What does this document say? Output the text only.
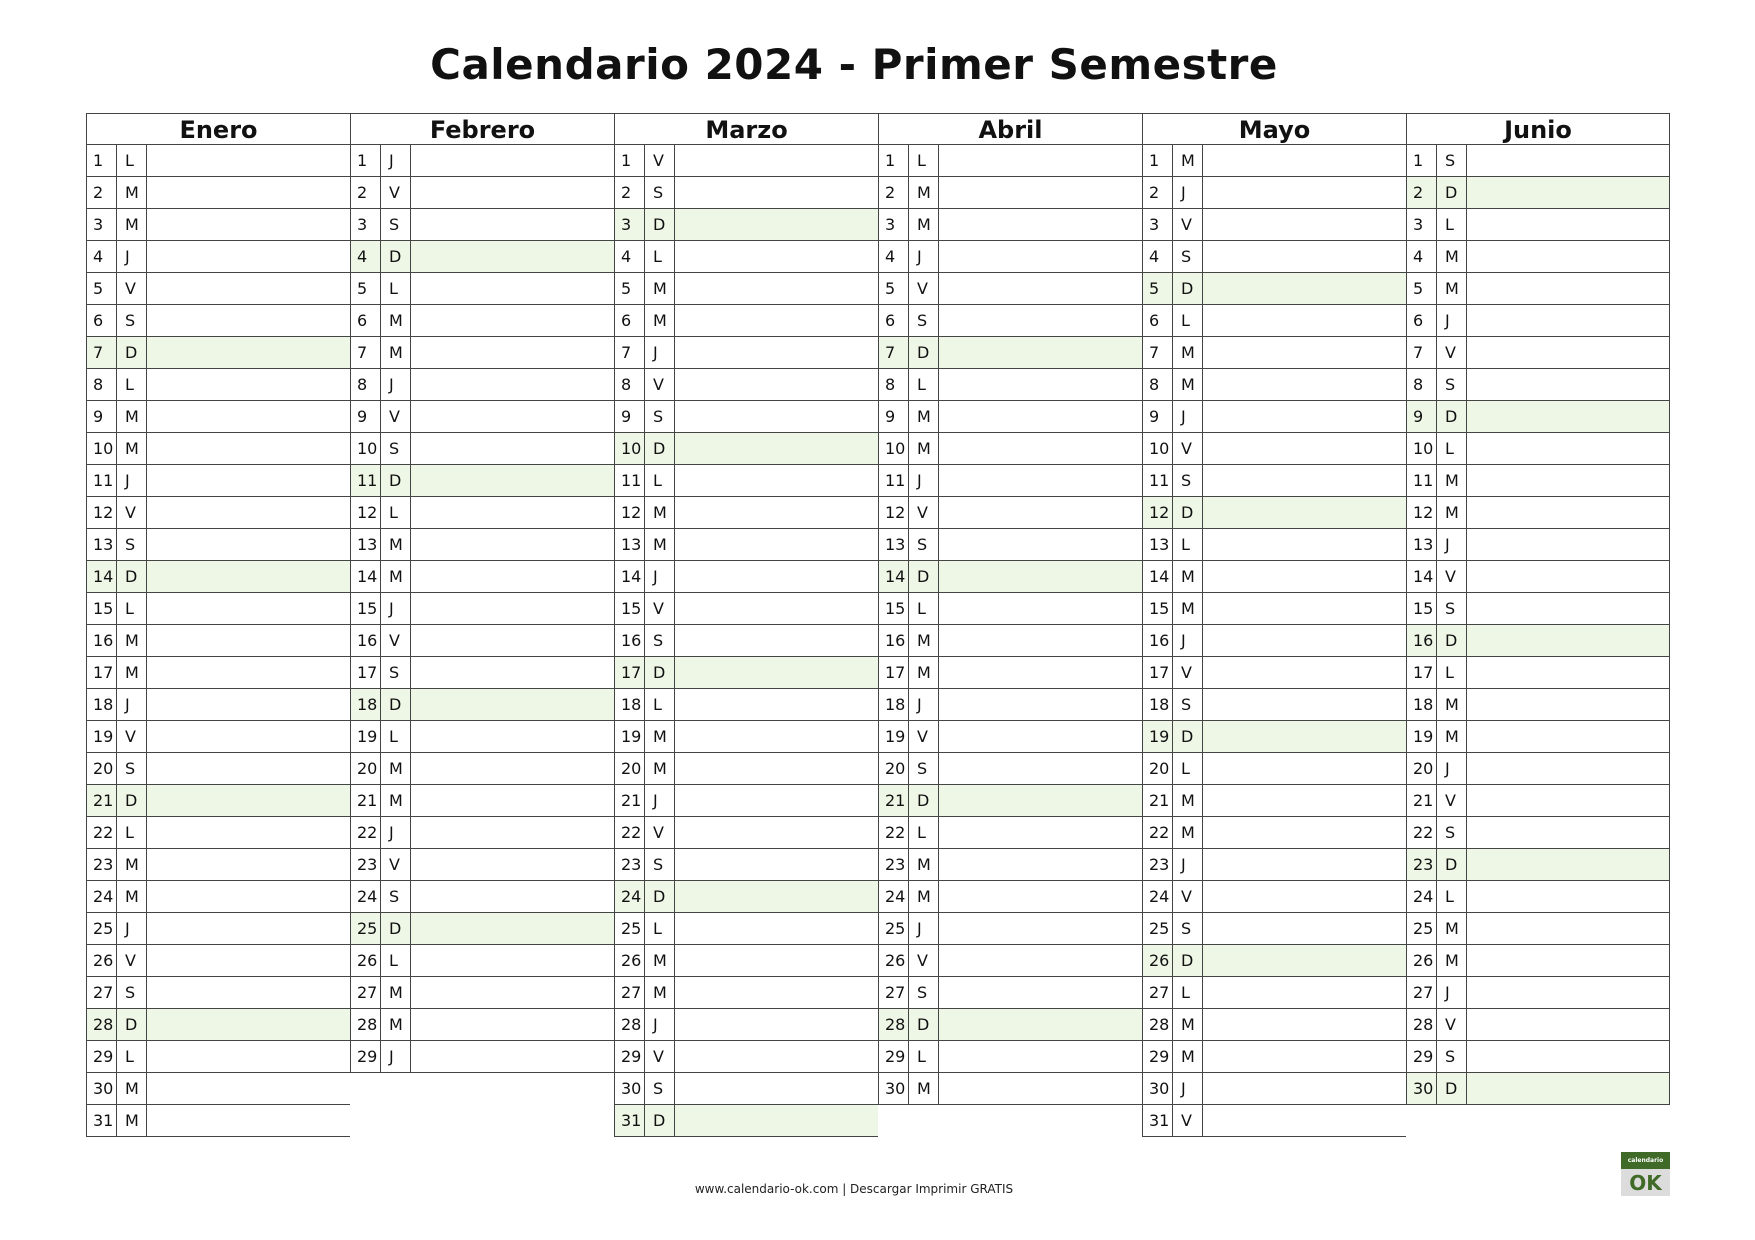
Calendario 2024 - Primer Semestre
Enero
1	L
2	M
3	M
4	J
5	V
6	S
7	D
8	L
9	M
10 M
11 J
12 V
13 S
14 D
15 L
16 M
17 M
18 J
19 V
20 S
21 D
22 L
23 M
24 M
25 J
26 V
27 S
28 D
29 L
30 M
31 M
Febrero
1	J
2	V
3	S
4	D
5	L
6	M
7	M
8	J
9	V
10 S
11 D
12 L
13 M
14 M
15 J
16 V
17 S
18 D
19 L
20 M
21 M
22 J
23 V
24 S
25 D
26 L
27 M
28 M
29 J
Marzo
1	V
2	S
3	D
4	L
5	M
6	M
7	J
8	V
9	S
10 D
11 L
12 M
13 M
14 J
15 V
16 S
17 D
18 L
19 M
20 M
21 J
22 V
23 S
24 D
25 L
26 M
27 M
28 J
29 V
30 S
31 D
Abril
1	L
2	M
3	M
4	J
5	V
6	S
7	D
8	L
9	M
10 M
11 J
12 V
13 S
14 D
15 L
16 M
17 M
18 J
19 V
20 S
21 D
22 L
23 M
24 M
25 J
26 V
27 S
28 D
29 L
30 M
Mayo
1	M
2	J
3	V
4	S
5	D
6	L
7	M
8	M
9	J
10 V
11 S
12 D
13 L
14 M
15 M
16 J
17 V
18 S
19 D
20 L
21 M
22 M
23 J
24 V
25 S
26 D
27 L
28 M
29 M
30 J
31 V
Junio
1	S
2	D
3	L
4	M
5	M
6	J
7	V
8	S
9	D
10 L
11 M
12 M
13 J
14 V
15 S
16 D
17 L
18 M
19 M
20 J
21 V
22 S
23 D
24 L
25 M
26 M
27 J
28 V
29 S
30 D
www.calendario-ok.com | Descargar Imprimir GRATIS
calendario
OK
